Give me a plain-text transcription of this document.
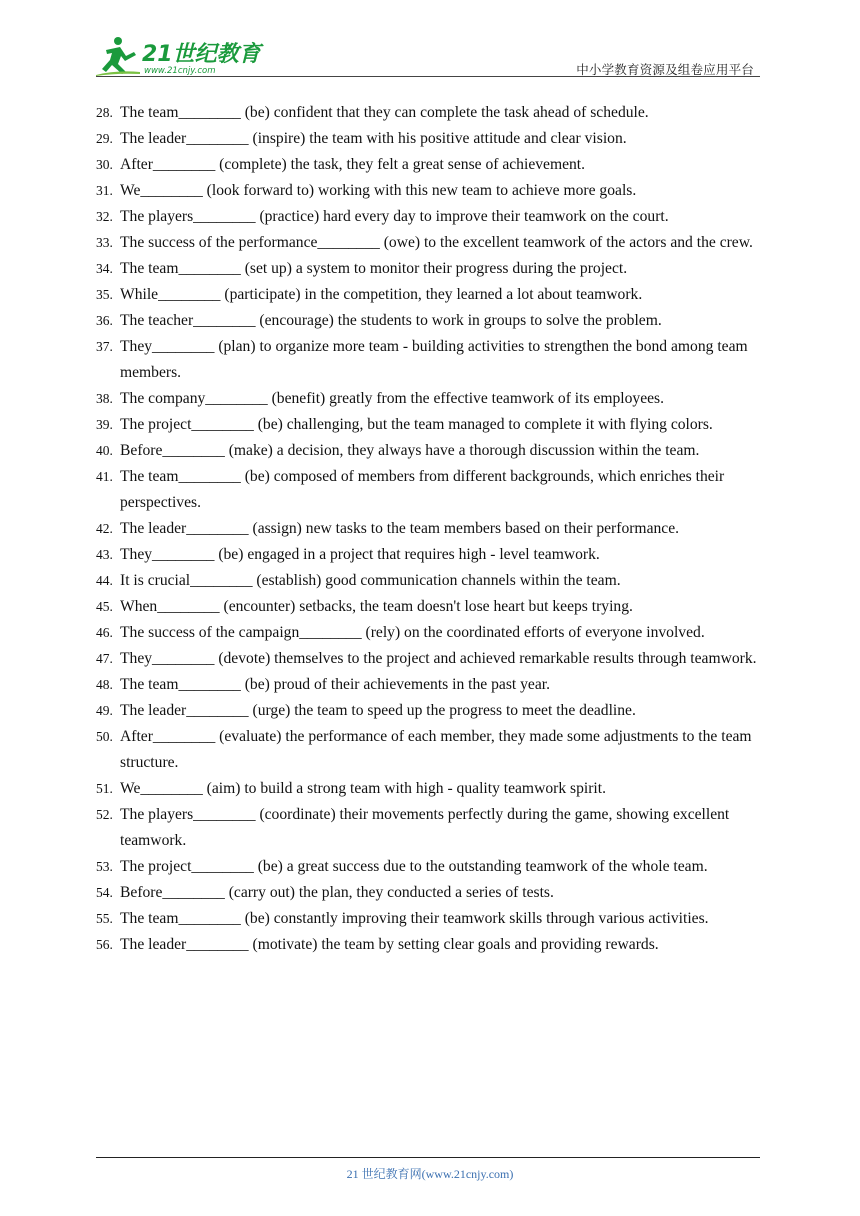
21世纪教育
www.21cnjy.com	中小学教育资源及组卷应用平台
28. The team________ (be) confident that they can complete the task ahead of schedule.
29. The leader________ (inspire) the team with his positive attitude and clear vision.
30. After________ (complete) the task, they felt a great sense of achievement.
31. We________ (look forward to) working with this new team to achieve more goals.
32. The players________ (practice) hard every day to improve their teamwork on the court.
33. The success of the performance________ (owe) to the excellent teamwork of the actors and the crew.
34. The team________ (set up) a system to monitor their progress during the project.
35. While________ (participate) in the competition, they learned a lot about teamwork.
36. The teacher________ (encourage) the students to work in groups to solve the problem.
37. They________ (plan) to organize more team - building activities to strengthen the bond among team members.
38. The company________ (benefit) greatly from the effective teamwork of its employees.
39. The project________ (be) challenging, but the team managed to complete it with flying colors.
40. Before________ (make) a decision, they always have a thorough discussion within the team.
41. The team________ (be) composed of members from different backgrounds, which enriches their perspectives.
42. The leader________ (assign) new tasks to the team members based on their performance.
43. They________ (be) engaged in a project that requires high - level teamwork.
44. It is crucial________ (establish) good communication channels within the team.
45. When________ (encounter) setbacks, the team doesn't lose heart but keeps trying.
46. The success of the campaign________ (rely) on the coordinated efforts of everyone involved.
47. They________ (devote) themselves to the project and achieved remarkable results through teamwork.
48. The team________ (be) proud of their achievements in the past year.
49. The leader________ (urge) the team to speed up the progress to meet the deadline.
50. After________ (evaluate) the performance of each member, they made some adjustments to the team structure.
51. We________ (aim) to build a strong team with high - quality teamwork spirit.
52. The players________ (coordinate) their movements perfectly during the game, showing excellent teamwork.
53. The project________ (be) a great success due to the outstanding teamwork of the whole team.
54. Before________ (carry out) the plan, they conducted a series of tests.
55. The team________ (be) constantly improving their teamwork skills through various activities.
56. The leader________ (motivate) the team by setting clear goals and providing rewards.
21 世纪教育网(www.21cnjy.com)
